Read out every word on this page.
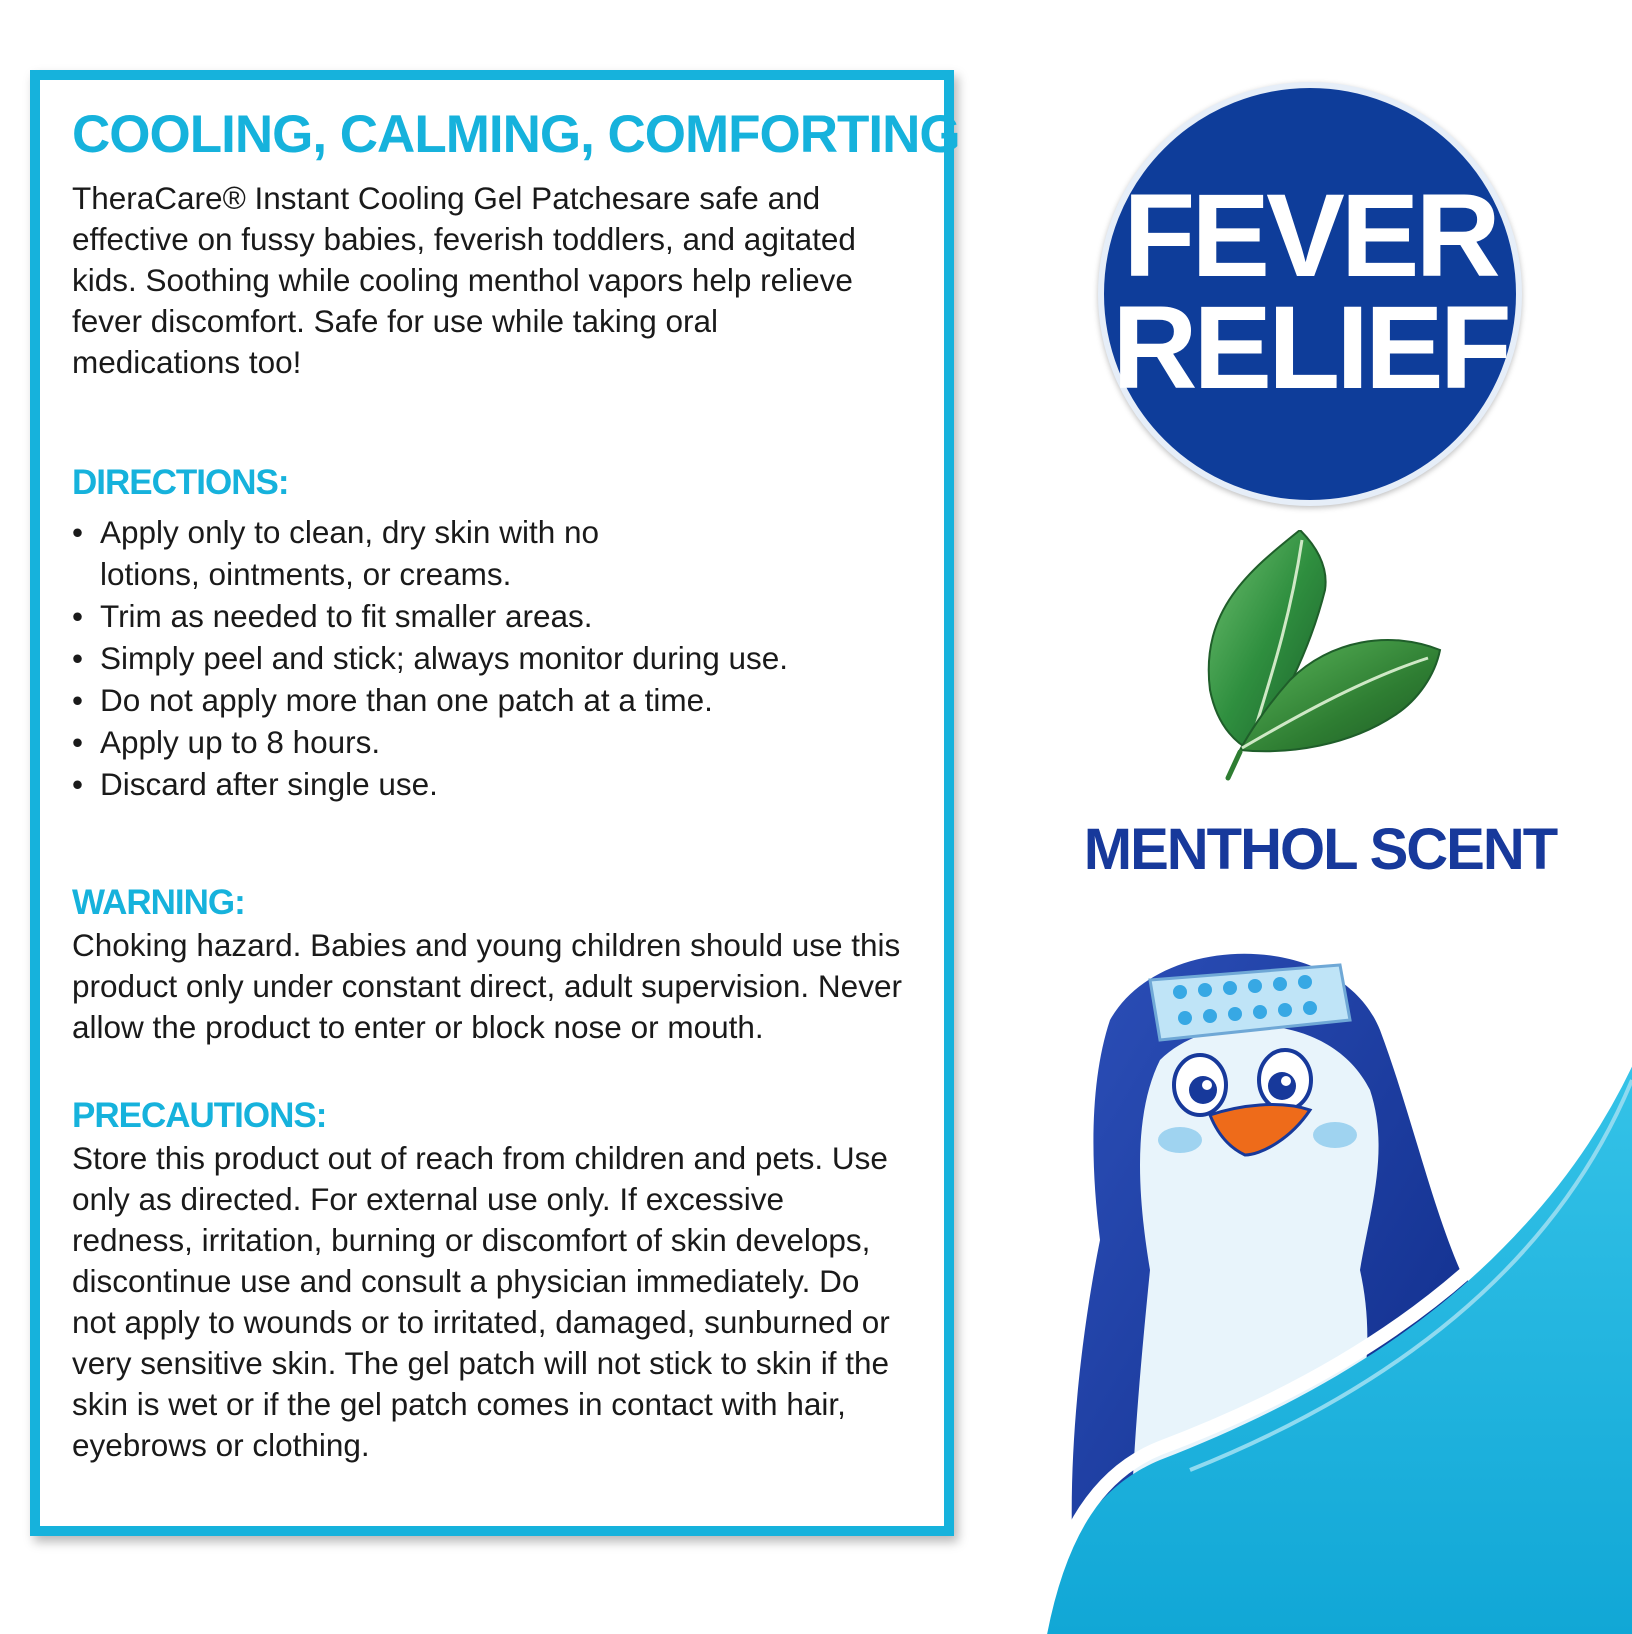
COOLING, CALMING, COMFORTING

TheraCare® Instant Cooling Gel Patchesare safe and effective on fussy babies, feverish toddlers, and agitated kids. Soothing while cooling menthol vapors help relieve fever discomfort. Safe for use while taking oral medications too!

DIRECTIONS:
• Apply only to clean, dry skin with no lotions, ointments, or creams.
• Trim as needed to fit smaller areas.
• Simply peel and stick; always monitor during use.
• Do not apply more than one patch at a time.
• Apply up to 8 hours.
• Discard after single use.
WARNING:

Choking hazard. Babies and young children should use this product only under constant direct, adult supervision. Never allow the product to enter or block nose or mouth.

PRECAUTIONS:

Store this product out of reach from children and pets. Use only as directed. For external use only. If excessive redness, irritation, burning or discomfort of skin develops, discontinue use and consult a physician immediately. Do not apply to wounds or to irritated, damaged, sunburned or very sensitive skin. The gel patch will not stick to skin if the skin is wet or if the gel patch comes in contact with hair, eyebrows or clothing.

FEVER
RELIEF
MENTHOL SCENT
